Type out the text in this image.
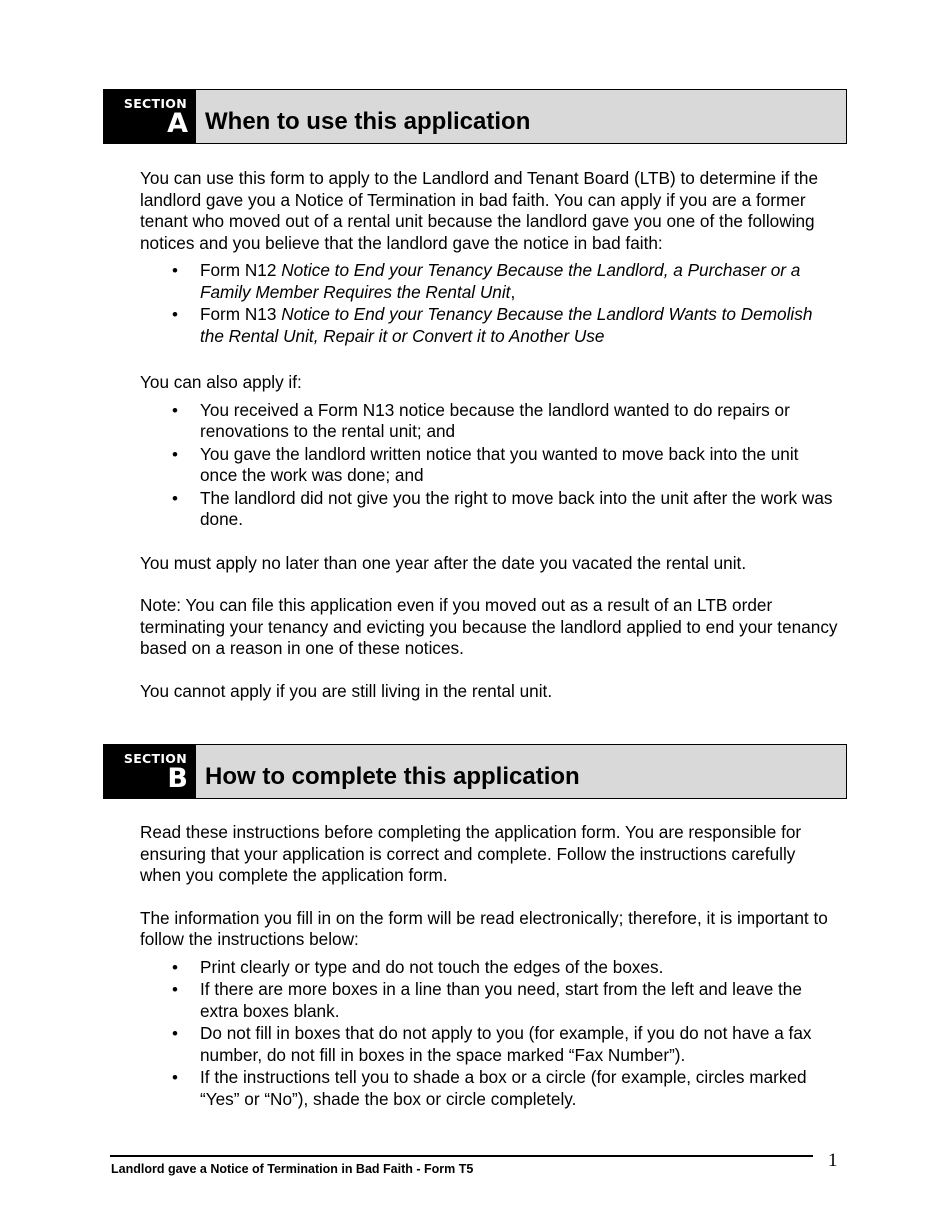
SECTION
A When to use this application

You can use this form to apply to the Landlord and Tenant Board (LTB) to determine if the landlord gave you a Notice of Termination in bad faith. You can apply if you are a former tenant who moved out of a rental unit because the landlord gave you one of the following notices and you believe that the landlord gave the notice in bad faith:

• Form N12 Notice to End your Tenancy Because the Landlord, a Purchaser or a Family Member Requires the Rental Unit,
• Form N13 Notice to End your Tenancy Because the Landlord Wants to Demolish the Rental Unit, Repair it or Convert it to Another Use

You can also apply if:

• You received a Form N13 notice because the landlord wanted to do repairs or renovations to the rental unit; and
• You gave the landlord written notice that you wanted to move back into the unit once the work was done; and
• The landlord did not give you the right to move back into the unit after the work was done.

You must apply no later than one year after the date you vacated the rental unit.

Note: You can file this application even if you moved out as a result of an LTB order terminating your tenancy and evicting you because the landlord applied to end your tenancy based on a reason in one of these notices.

You cannot apply if you are still living in the rental unit.

SECTION
B How to complete this application

Read these instructions before completing the application form. You are responsible for ensuring that your application is correct and complete. Follow the instructions carefully when you complete the application form.

The information you fill in on the form will be read electronically; therefore, it is important to follow the instructions below:

• Print clearly or type and do not touch the edges of the boxes.
• If there are more boxes in a line than you need, start from the left and leave the extra boxes blank.
• Do not fill in boxes that do not apply to you (for example, if you do not have a fax number, do not fill in boxes in the space marked “Fax Number”).
• If the instructions tell you to shade a box or a circle (for example, circles marked “Yes” or “No”), shade the box or circle completely.
Landlord gave a Notice of Termination in Bad Faith - Form T5	1
